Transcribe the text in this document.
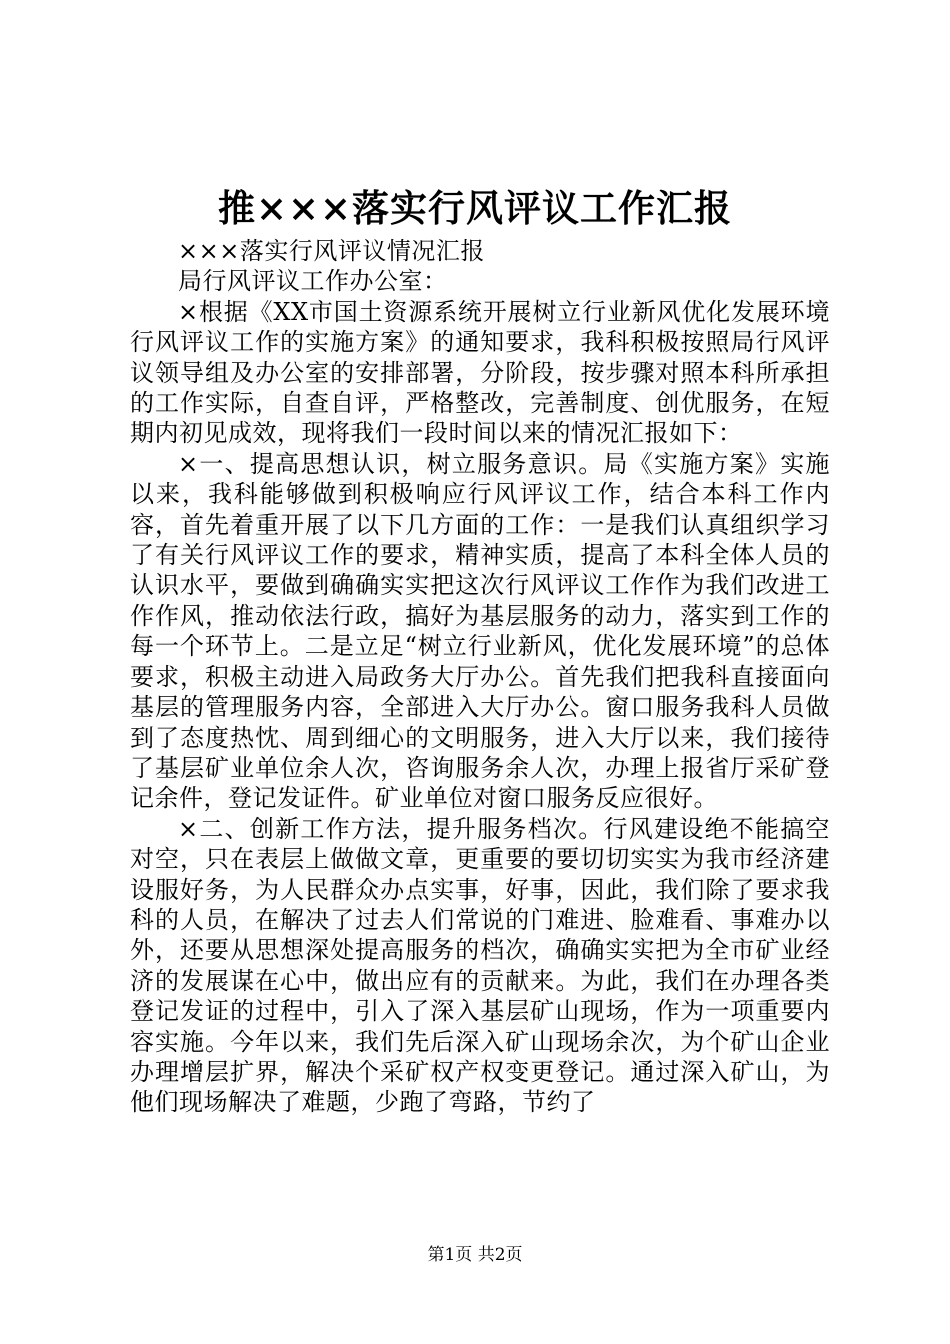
推×××落实行风评议工作汇报

×××落实行风评议情况汇报

局行风评议工作办公室：

×根据《XX市国土资源系统开展树立行业新风优化发展环境行风评议工作的实施方案》的通知要求，我科积极按照局行风评议领导组及办公室的安排部署，分阶段，按步骤对照本科所承担的工作实际，自查自评，严格整改，完善制度、创优服务，在短期内初见成效，现将我们一段时间以来的情况汇报如下：

×一、提高思想认识，树立服务意识。局《实施方案》实施以来，我科能够做到积极响应行风评议工作，结合本科工作内容，首先着重开展了以下几方面的工作：一是我们认真组织学习了有关行风评议工作的要求，精神实质，提高了本科全体人员的认识水平，要做到确确实实把这次行风评议工作作为我们改进工作作风，推动依法行政，搞好为基层服务的动力，落实到工作的每一个环节上。二是立足“树立行业新风，优化发展环境”的总体要求，积极主动进入局政务大厅办公。首先我们把我科直接面向基层的管理服务内容，全部进入大厅办公。窗口服务我科人员做到了态度热忱、周到细心的文明服务，进入大厅以来，我们接待了基层矿业单位余人次，咨询服务余人次，办理上报省厅采矿登记余件，登记发证件。矿业单位对窗口服务反应很好。

×二、创新工作方法，提升服务档次。行风建设绝不能搞空对空，只在表层上做做文章，更重要的要切切实实为我市经济建设服好务，为人民群众办点实事，好事，因此，我们除了要求我科的人员，在解决了过去人们常说的门难进、脸难看、事难办以外，还要从思想深处提高服务的档次，确确实实把为全市矿业经济的发展谋在心中，做出应有的贡献来。为此，我们在办理各类登记发证的过程中，引入了深入基层矿山现场，作为一项重要内容实施。今年以来，我们先后深入矿山现场余次，为个矿山企业办理增层扩界，解决个采矿权产权变更登记。通过深入矿山，为他们现场解决了难题，少跑了弯路，节约了

第1页 共2页
